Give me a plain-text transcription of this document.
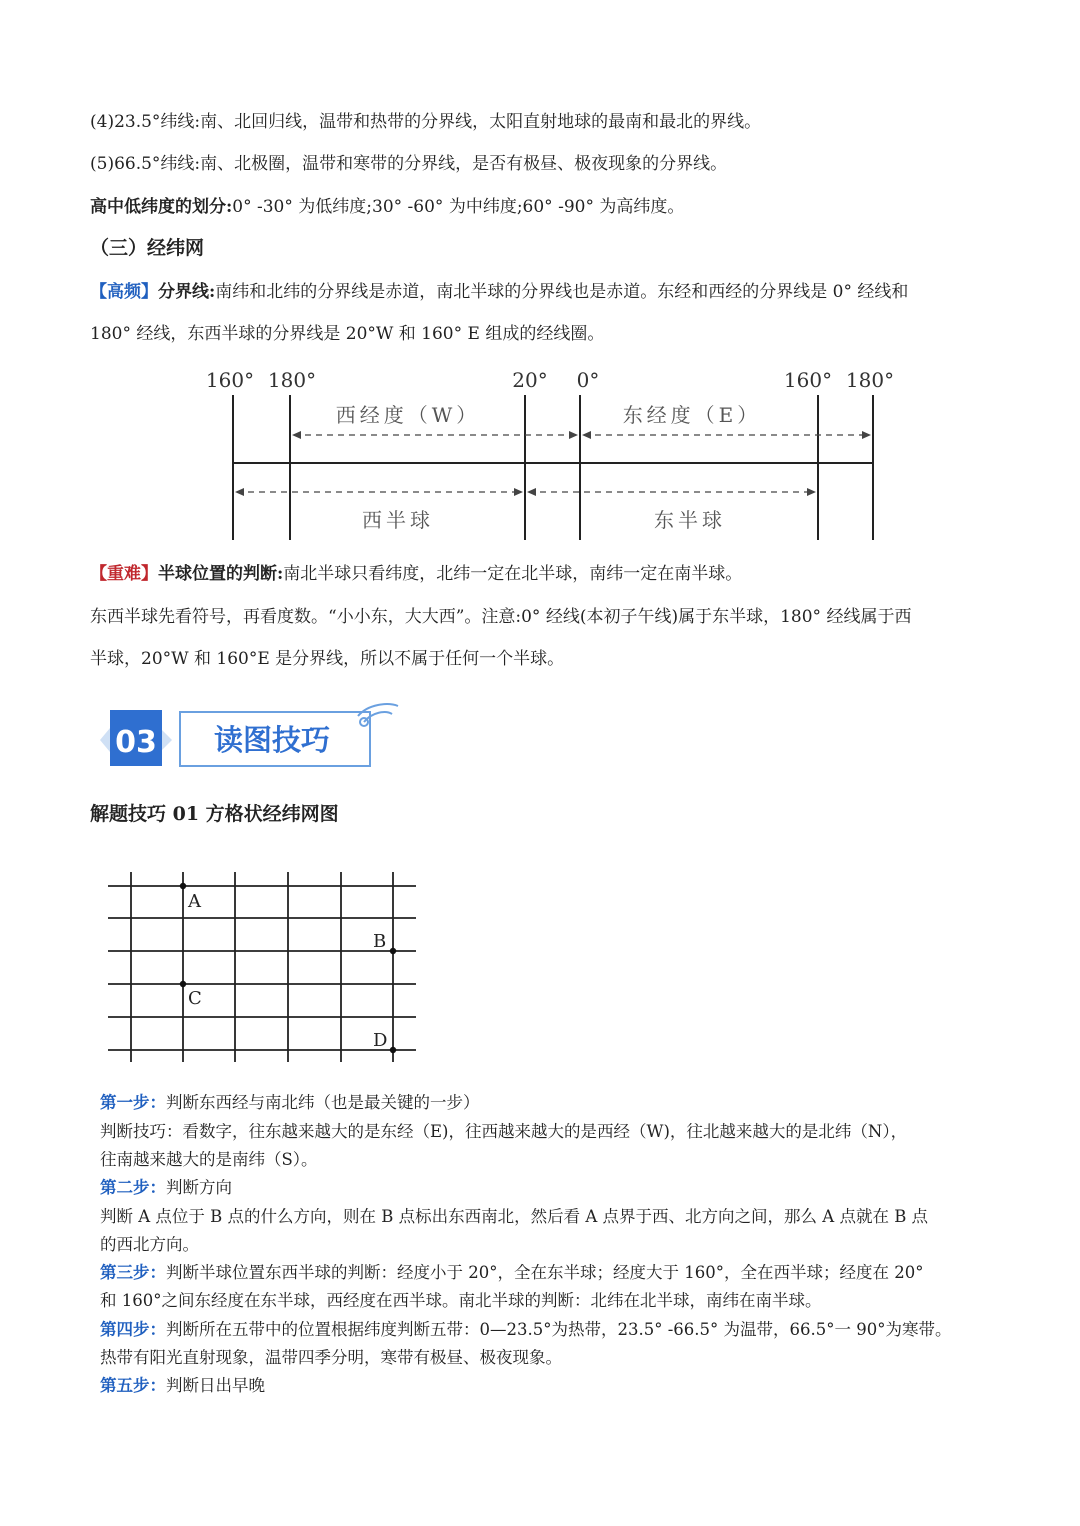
(4)23.5°纬线:南、北回归线，温带和热带的分界线，太阳直射地球的最南和最北的界线。
(5)66.5°纬线:南、北极圈，温带和寒带的分界线，是否有极昼、极夜现象的分界线。
高中低纬度的划分:0° -30° 为低纬度;30° -60° 为中纬度;60° -90° 为高纬度。
（三）经纬网
【高频】分界线:南纬和北纬的分界线是赤道，南北半球的分界线也是赤道。东经和西经的分界线是 0° 经线和
180° 经线，东西半球的分界线是 20°W 和 160° E 组成的经线圈。
160° 180°	20° 0°	160° 180°
西经度（W）	东经度（E）
西半球	东半球
【重难】半球位置的判断:南北半球只看纬度，北纬一定在北半球，南纬一定在南半球。
东西半球先看符号，再看度数。“小小东，大大西”。注意:0° 经线(本初子午线)属于东半球，180° 经线属于西
半球，20°W 和 160°E 是分界线，所以不属于任何一个半球。
03 读图技巧
解题技巧 01 方格状经纬网图
A
B
C
D
第一步：判断东西经与南北纬（也是最关键的一步）
判断技巧：看数字，往东越来越大的是东经（E)，往西越来越大的是西经（W)，往北越来越大的是北纬（N），
往南越来越大的是南纬（S）。
第二步：判断方向
判断 A 点位于 B 点的什么方向，则在 B 点标出东西南北，然后看 A 点界于西、北方向之间，那么 A 点就在 B 点
的西北方向。
第三步：判断半球位置东西半球的判断：经度小于 20°，全在东半球；经度大于 160°，全在西半球；经度在 20°
和 160°之间东经度在东半球，西经度在西半球。南北半球的判断：北纬在北半球，南纬在南半球。
第四步：判断所在五带中的位置根据纬度判断五带：0—23.5°为热带，23.5° -66.5° 为温带，66.5°一 90°为寒带。
热带有阳光直射现象，温带四季分明，寒带有极昼、极夜现象。
第五步：判断日出早晚
